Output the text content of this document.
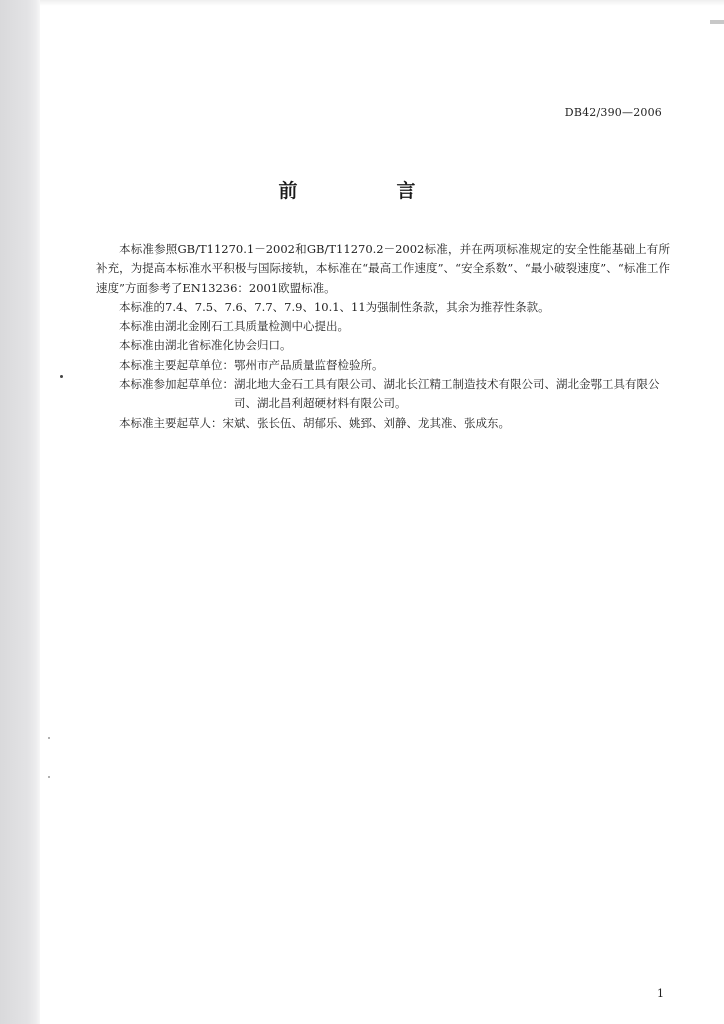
DB42/390—2006
前　言

本标准参照GB/T11270.1－2002和GB/T11270.2－2002标准，并在两项标准规定的安全性能基础上有所补充，为提高本标准水平积极与国际接轨，本标准在“最高工作速度”、“安全系数”、“最小破裂速度”、“标准工作速度”方面参考了EN13236：2001欧盟标准。

本标准的7.4、7.5、7.6、7.7、7.9、10.1、11为强制性条款，其余为推荐性条款。

本标准由湖北金刚石工具质量检测中心提出。

本标准由湖北省标准化协会归口。

本标准主要起草单位： 鄂州市产品质量监督检验所。
本标准参加起草单位： 湖北地大金石工具有限公司、湖北长江精工制造技术有限公司、湖北金鄂工具有限公司、湖北昌利超硬材料有限公司。
本标准主要起草人： 宋斌、张长伍、胡郁乐、姚郅、刘静、龙其准、张成东。
1
